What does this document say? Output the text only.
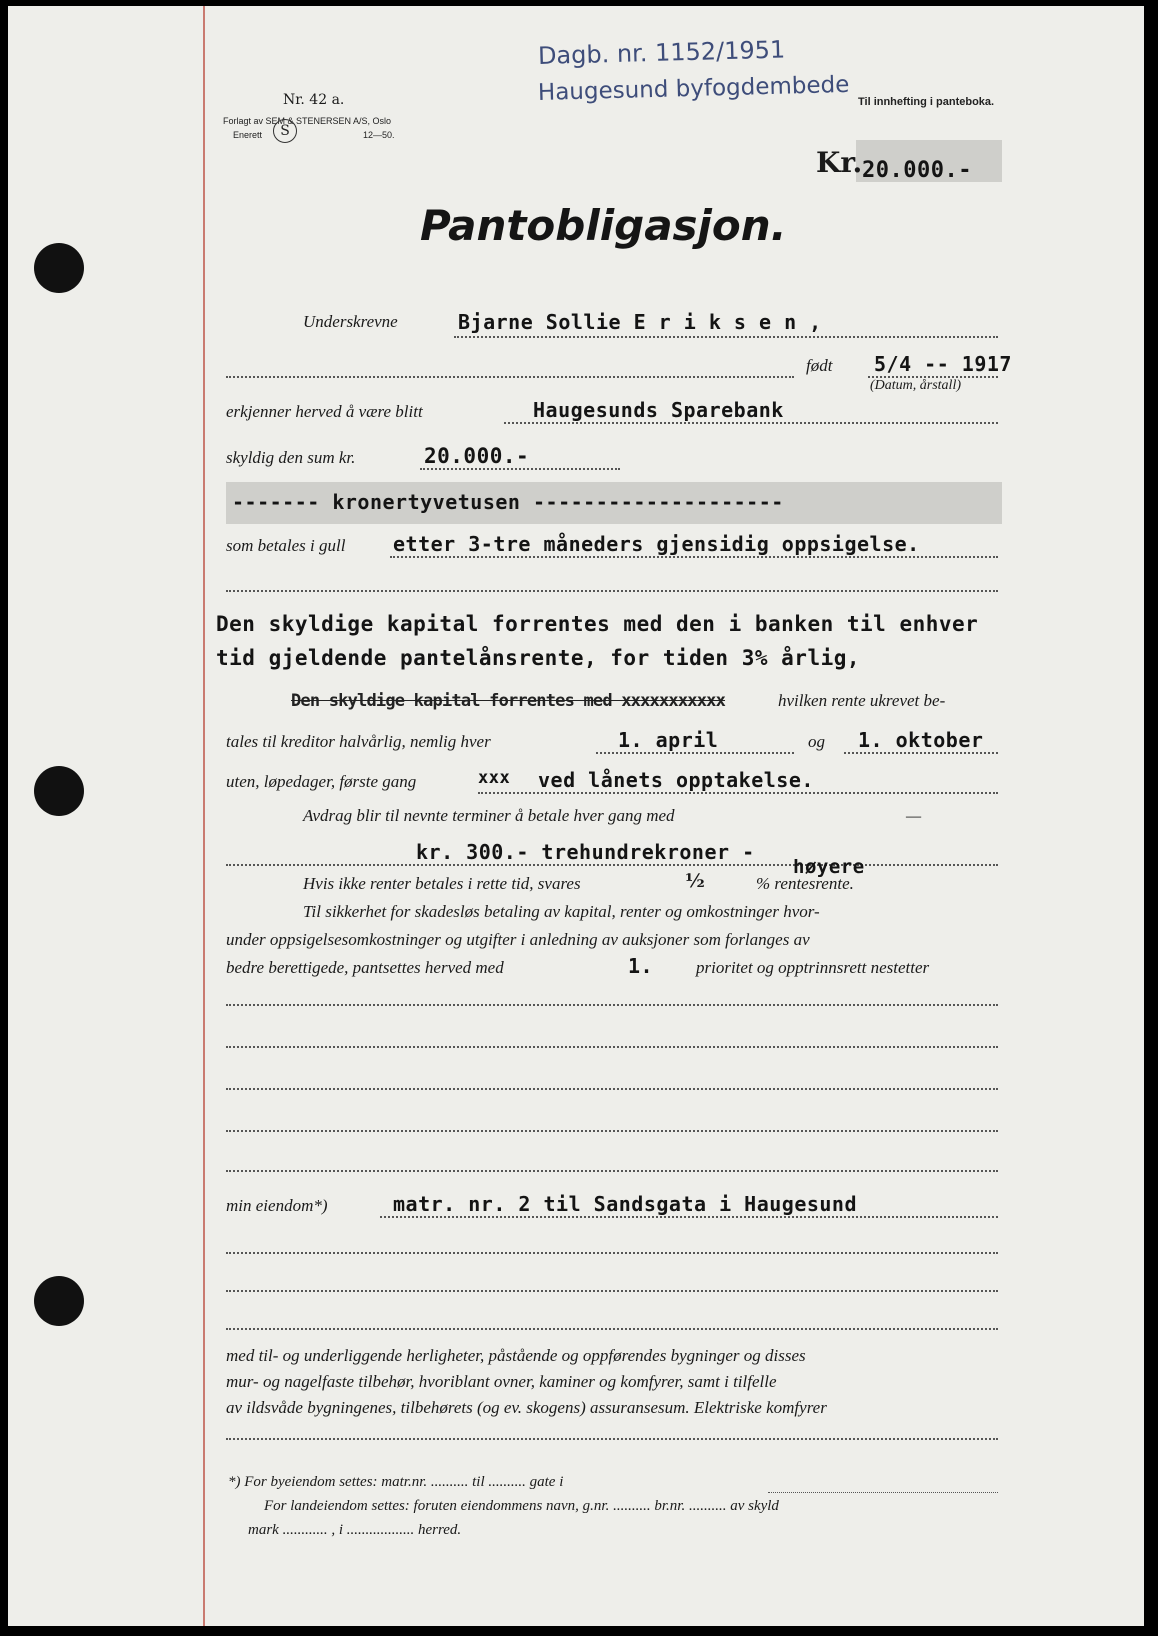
Dagb. nr. 1152/1951
Haugesund byfogdembede
Nr. 42 a.
Forlagt av SEM & STENERSEN A/S, Oslo
Enerett	12—50.
S
Til innhefting i panteboka.
Kr. 20.000.-
Pantobligasjon.
Underskrevne	Bjarne Sollie E r i k s e n ,
født 5/4 -- 1917
(Datum, årstall)
erkjenner herved å være blitt	Haugesunds Sparebank
skyldig den sum kr.	20.000.-
------- kronertyvetusen --------------------
som betales i gull etter 3-tre måneders gjensidig oppsigelse.
Den skyldige kapital forrentes med den i banken til enhver
tid gjeldende pantelånsrente, for tiden 3% årlig,
Den skyldige kapital forrentes med xxxxxxxxxxx	hvilken rente ukrevet be-
tales til kreditor halvårlig, nemlig hver	1. april	og 1. oktober
uten, løpedager, første gang	xxx ved lånets opptakelse.
Avdrag blir til nevnte terminer å betale hver gang med	—
kr. 300.- trehundrekroner -
høyere
Hvis ikke renter betales i rette tid, svares	½	% rentesrente.
Til sikkerhet for skadesløs betaling av kapital, renter og omkostninger hvor-
under oppsigelsesomkostninger og utgifter i anledning av auksjoner som forlanges av
bedre berettigede, pantsettes herved med	1.	prioritet og opptrinnsrett nestetter
min eiendom*)	matr. nr. 2 til Sandsgata i Haugesund
med til- og underliggende herligheter, påstående og oppførendes bygninger og disses
mur- og nagelfaste tilbehør, hvoriblant ovner, kaminer og komfyrer, samt i tilfelle
av ildsvåde bygningenes, tilbehørets (og ev. skogens) assuransesum. Elektriske komfyrer
*) For byeiendom settes: matr.nr. .......... til .......... gate i
For landeiendom settes: foruten eiendommens navn, g.nr. .......... br.nr. .......... av skyld
mark ............ , i .................. herred.
